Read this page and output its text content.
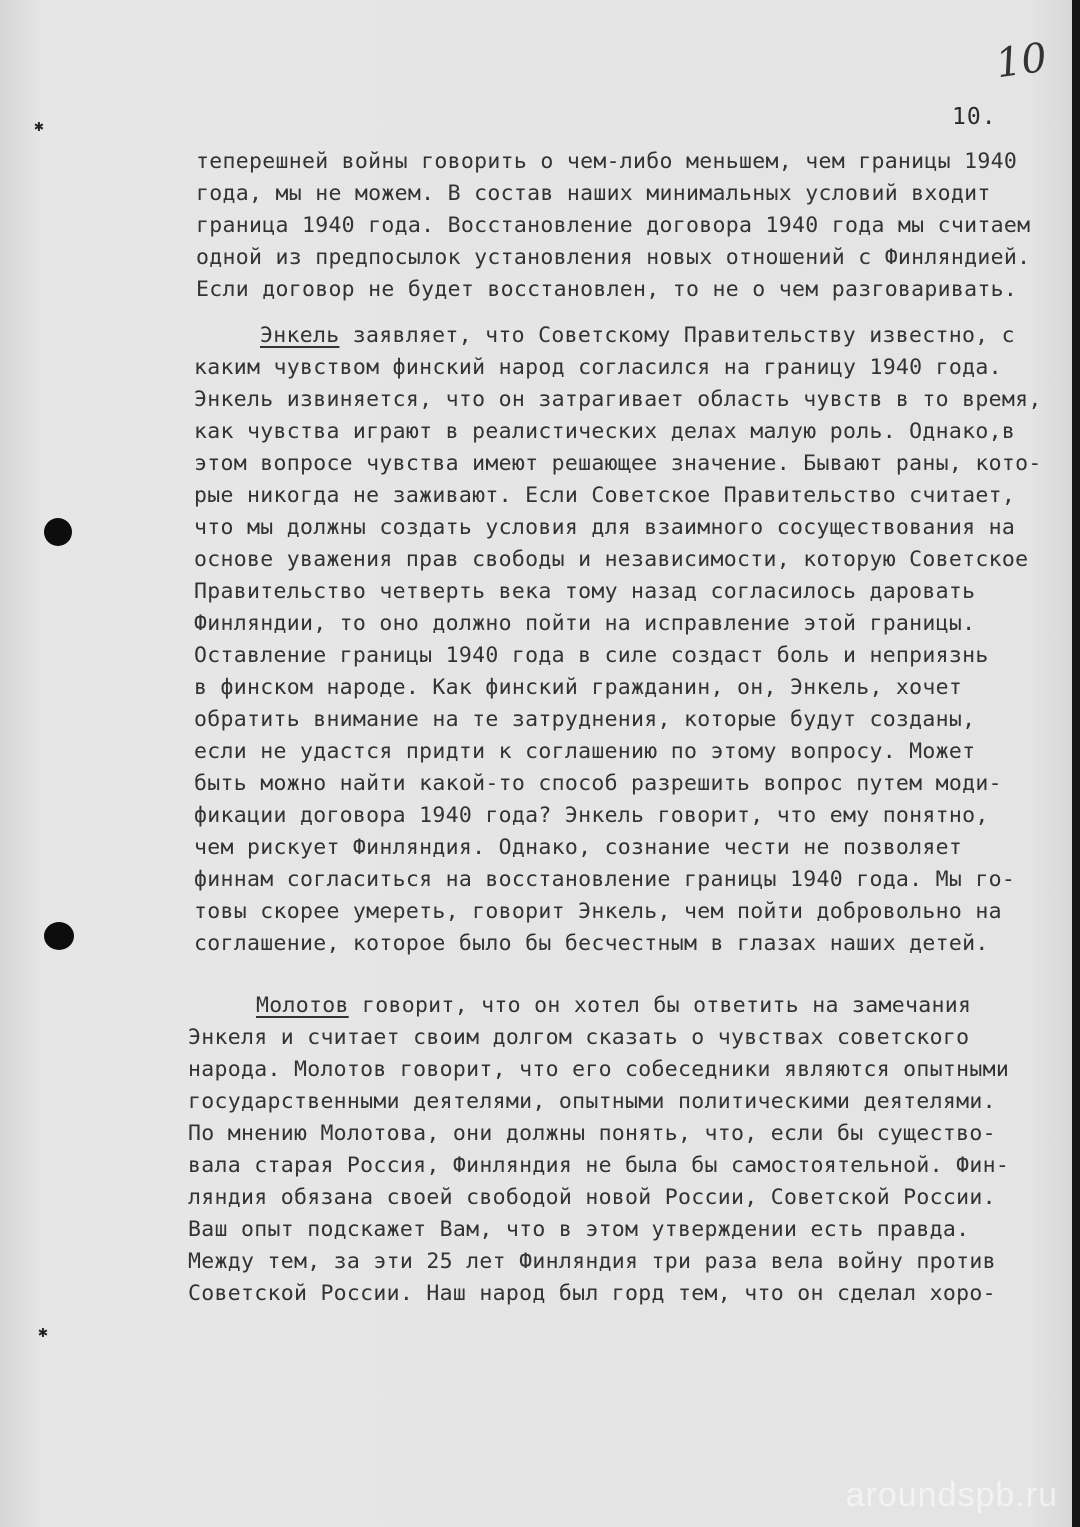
10
10.
✱
✱
теперешней войны говорить о чем-либо меньшем, чем границы 1940
года, мы не можем. В состав наших минимальных условий входит
граница 1940 года. Восстановление договора 1940 года мы считаем
одной из предпосылок установления новых отношений с Финляндией.
Если договор не будет восстановлен, то не о чем разговаривать.
Энкель заявляет, что Советскому Правительству известно, с
каким чувством финский народ согласился на границу 1940 года.
Энкель извиняется, что он затрагивает область чувств в то время,
как чувства играют в реалистических делах малую роль. Однако,в
этом вопросе чувства имеют решающее значение. Бывают раны, кото-
рые никогда не заживают. Если Советское Правительство считает,
что мы должны создать условия для взаимного сосуществования на
основе уважения прав свободы и независимости, которую Советское
Правительство четверть века тому назад согласилось даровать
Финляндии, то оно должно пойти на исправление этой границы.
Оставление границы 1940 года в силе создаст боль и неприязнь
в финском народе. Как финский гражданин, он, Энкель, хочет
обратить внимание на те затруднения, которые будут созданы,
если не удастся придти к соглашению по этому вопросу. Может
быть можно найти какой-то способ разрешить вопрос путем моди-
фикации договора 1940 года? Энкель говорит, что ему понятно,
чем рискует Финляндия. Однако, сознание чести не позволяет
финнам согласиться на восстановление границы 1940 года. Мы го-
товы скорее умереть, говорит Энкель, чем пойти добровольно на
соглашение, которое было бы бесчестным в глазах наших детей.
Молотов говорит, что он хотел бы ответить на замечания
Энкеля и считает своим долгом сказать о чувствах советского
народа. Молотов говорит, что его собеседники являются опытными
государственными деятелями, опытными политическими деятелями.
По мнению Молотова, они должны понять, что, если бы существо-
вала старая Россия, Финляндия не была бы самостоятельной. Фин-
ляндия обязана своей свободой новой России, Советской России.
Ваш опыт подскажет Вам, что в этом утверждении есть правда.
Между тем, за эти 25 лет Финляндия три раза вела войну против
Советской России. Наш народ был горд тем, что он сделал хоро-
aroundspb.ru
